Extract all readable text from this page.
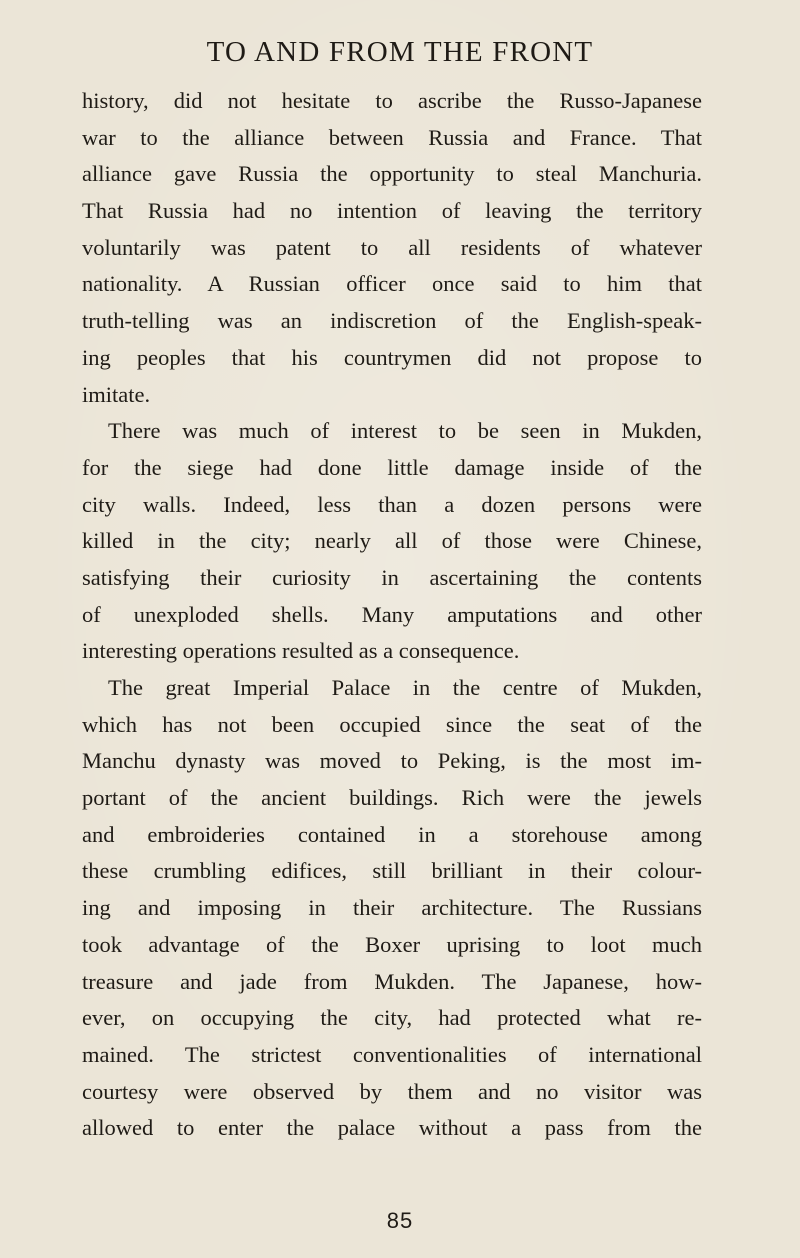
TO AND FROM THE FRONT
history, did not hesitate to ascribe the Russo-Japanese
war to the alliance between Russia and France. That
alliance gave Russia the opportunity to steal Manchuria.
That Russia had no intention of leaving the territory
voluntarily was patent to all residents of whatever
nationality. A Russian officer once said to him that
truth-telling was an indiscretion of the English-speak-
ing peoples that his countrymen did not propose to
imitate.
There was much of interest to be seen in Mukden,
for the siege had done little damage inside of the
city walls. Indeed, less than a dozen persons were
killed in the city; nearly all of those were Chinese,
satisfying their curiosity in ascertaining the contents
of unexploded shells. Many amputations and other
interesting operations resulted as a consequence.
The great Imperial Palace in the centre of Mukden,
which has not been occupied since the seat of the
Manchu dynasty was moved to Peking, is the most im-
portant of the ancient buildings. Rich were the jewels
and embroideries contained in a storehouse among
these crumbling edifices, still brilliant in their colour-
ing and imposing in their architecture. The Russians
took advantage of the Boxer uprising to loot much
treasure and jade from Mukden. The Japanese, how-
ever, on occupying the city, had protected what re-
mained. The strictest conventionalities of international
courtesy were observed by them and no visitor was
allowed to enter the palace without a pass from the
85
